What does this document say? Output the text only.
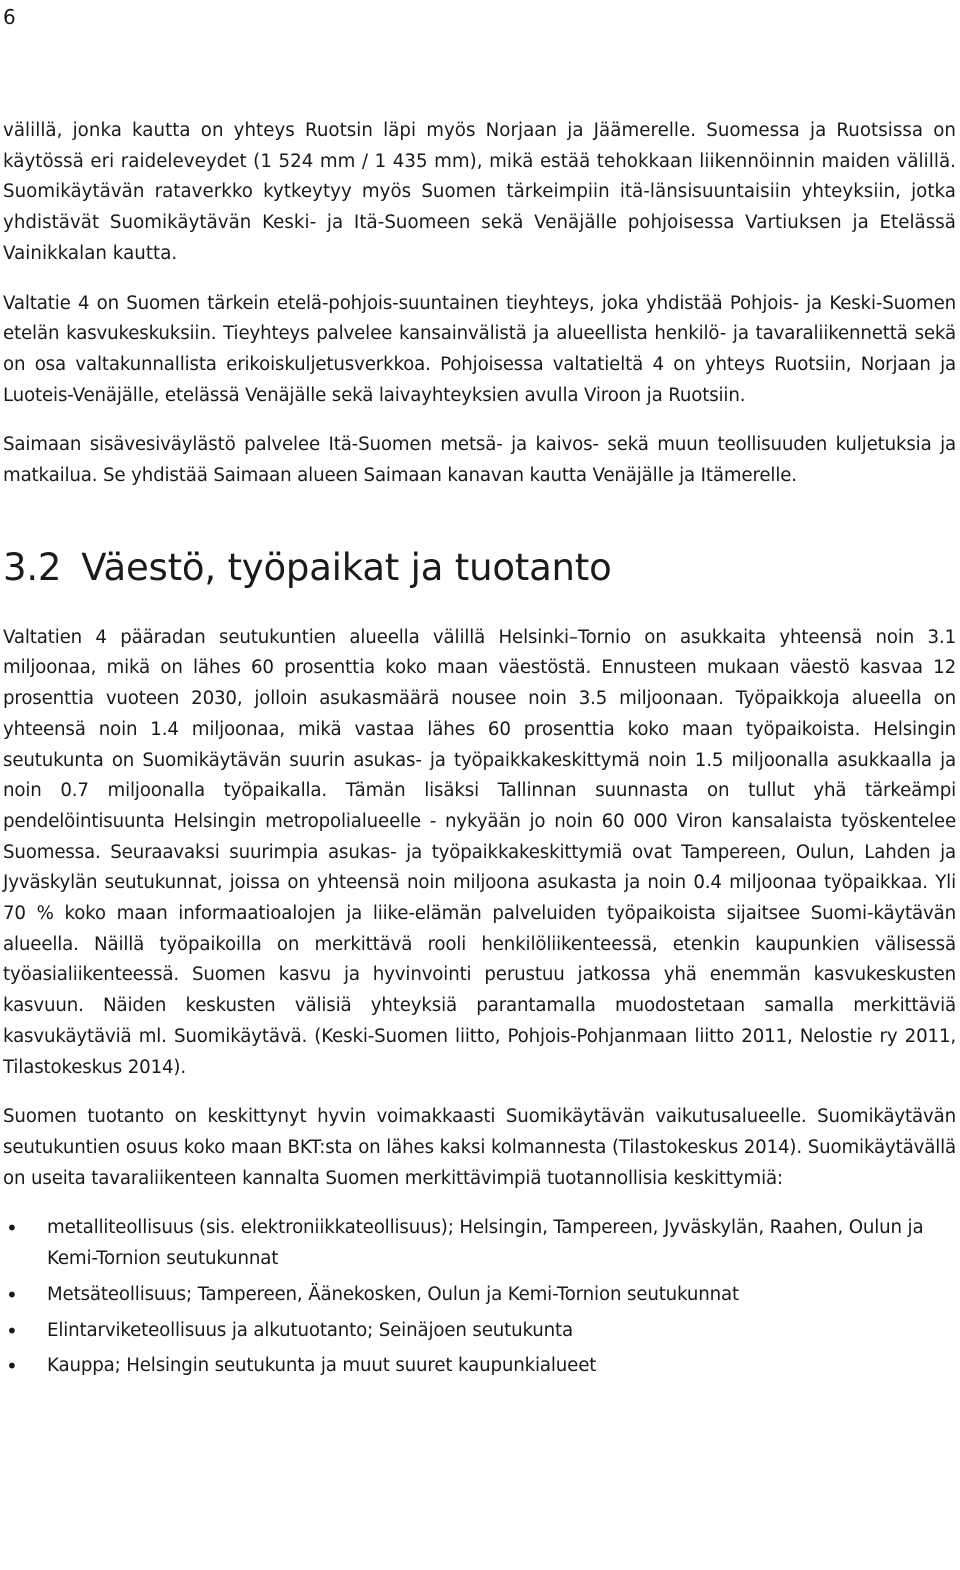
6

välillä, jonka kautta on yhteys Ruotsin läpi myös Norjaan ja Jäämerelle. Suomessa ja Ruotsissa on käytössä eri raideleveydet (1 524 mm / 1 435 mm), mikä estää tehokkaan liikennöinnin maiden välillä. Suomikäytävän rataverkko kytkeytyy myös Suomen tärkeimpiin itä-länsisuuntaisiin yhteyksiin, jotka yhdistävät Suomikäytävän Keski- ja Itä-Suomeen sekä Venäjälle pohjoisessa Vartiuksen ja Etelässä Vainikkalan kautta.

Valtatie 4 on Suomen tärkein etelä-pohjois-suuntainen tieyhteys, joka yhdistää Pohjois- ja Keski-Suomen etelän kasvukeskuksiin. Tieyhteys palvelee kansainvälistä ja alueellista henkilö- ja tavaraliikennettä sekä on osa valtakunnallista erikoiskuljetusverkkoa. Pohjoisessa valtatieltä 4 on yhteys Ruotsiin, Norjaan ja Luoteis-Venäjälle, etelässä Venäjälle sekä laivayhteyksien avulla Viroon ja Ruotsiin.

Saimaan sisävesiväylästö palvelee Itä-Suomen metsä- ja kaivos- sekä muun teollisuuden kuljetuksia ja matkailua. Se yhdistää Saimaan alueen Saimaan kanavan kautta Venäjälle ja Itämerelle.

3.2 Väestö, työpaikat ja tuotanto

Valtatien 4 pääradan seutukuntien alueella välillä Helsinki–Tornio on asukkaita yhteensä noin 3.1 miljoonaa, mikä on lähes 60 prosenttia koko maan väestöstä. Ennusteen mukaan väestö kasvaa 12 prosenttia vuoteen 2030, jolloin asukasmäärä nousee noin 3.5 miljoonaan. Työpaikkoja alueella on yhteensä noin 1.4 miljoonaa, mikä vastaa lähes 60 prosenttia koko maan työpaikoista. Helsingin seutukunta on Suomikäytävän suurin asukas- ja työpaikkakeskittymä noin 1.5 miljoonalla asukkaalla ja noin 0.7 miljoonalla työpaikalla. Tämän lisäksi Tallinnan suunnasta on tullut yhä tärkeämpi pendelöintisuunta Helsingin metropolialueelle - nykyään jo noin 60 000 Viron kansalaista työskentelee Suomessa. Seuraavaksi suurimpia asukas- ja työpaikkakeskittymiä ovat Tampereen, Oulun, Lahden ja Jyväskylän seutukunnat, joissa on yhteensä noin miljoona asukasta ja noin 0.4 miljoonaa työpaikkaa. Yli 70 % koko maan informaatioalojen ja liike-elämän palveluiden työpaikoista sijaitsee Suomi-käytävän alueella. Näillä työpaikoilla on merkittävä rooli henkilöliikenteessä, etenkin kaupunkien välisessä työasialiikenteessä. Suomen kasvu ja hyvinvointi perustuu jatkossa yhä enemmän kasvukeskusten kasvuun. Näiden keskusten välisiä yhteyksiä parantamalla muodostetaan samalla merkittäviä kasvukäytäviä ml. Suomikäytävä. (Keski-Suomen liitto, Pohjois-Pohjanmaan liitto 2011, Nelostie ry 2011, Tilastokeskus 2014).

Suomen tuotanto on keskittynyt hyvin voimakkaasti Suomikäytävän vaikutusalueelle. Suomikäytävän seutukuntien osuus koko maan BKT:sta on lähes kaksi kolmannesta (Tilastokeskus 2014). Suomikäytävällä on useita tavaraliikenteen kannalta Suomen merkittävimpiä tuotannollisia keskittymiä:

• metalliteollisuus (sis. elektroniikkateollisuus); Helsingin, Tampereen, Jyväskylän, Raahen, Oulun ja Kemi-Tornion seutukunnat
• Metsäteollisuus; Tampereen, Äänekosken, Oulun ja Kemi-Tornion seutukunnat
• Elintarviketeollisuus ja alkutuotanto; Seinäjoen seutukunta
• Kauppa; Helsingin seutukunta ja muut suuret kaupunkialueet
